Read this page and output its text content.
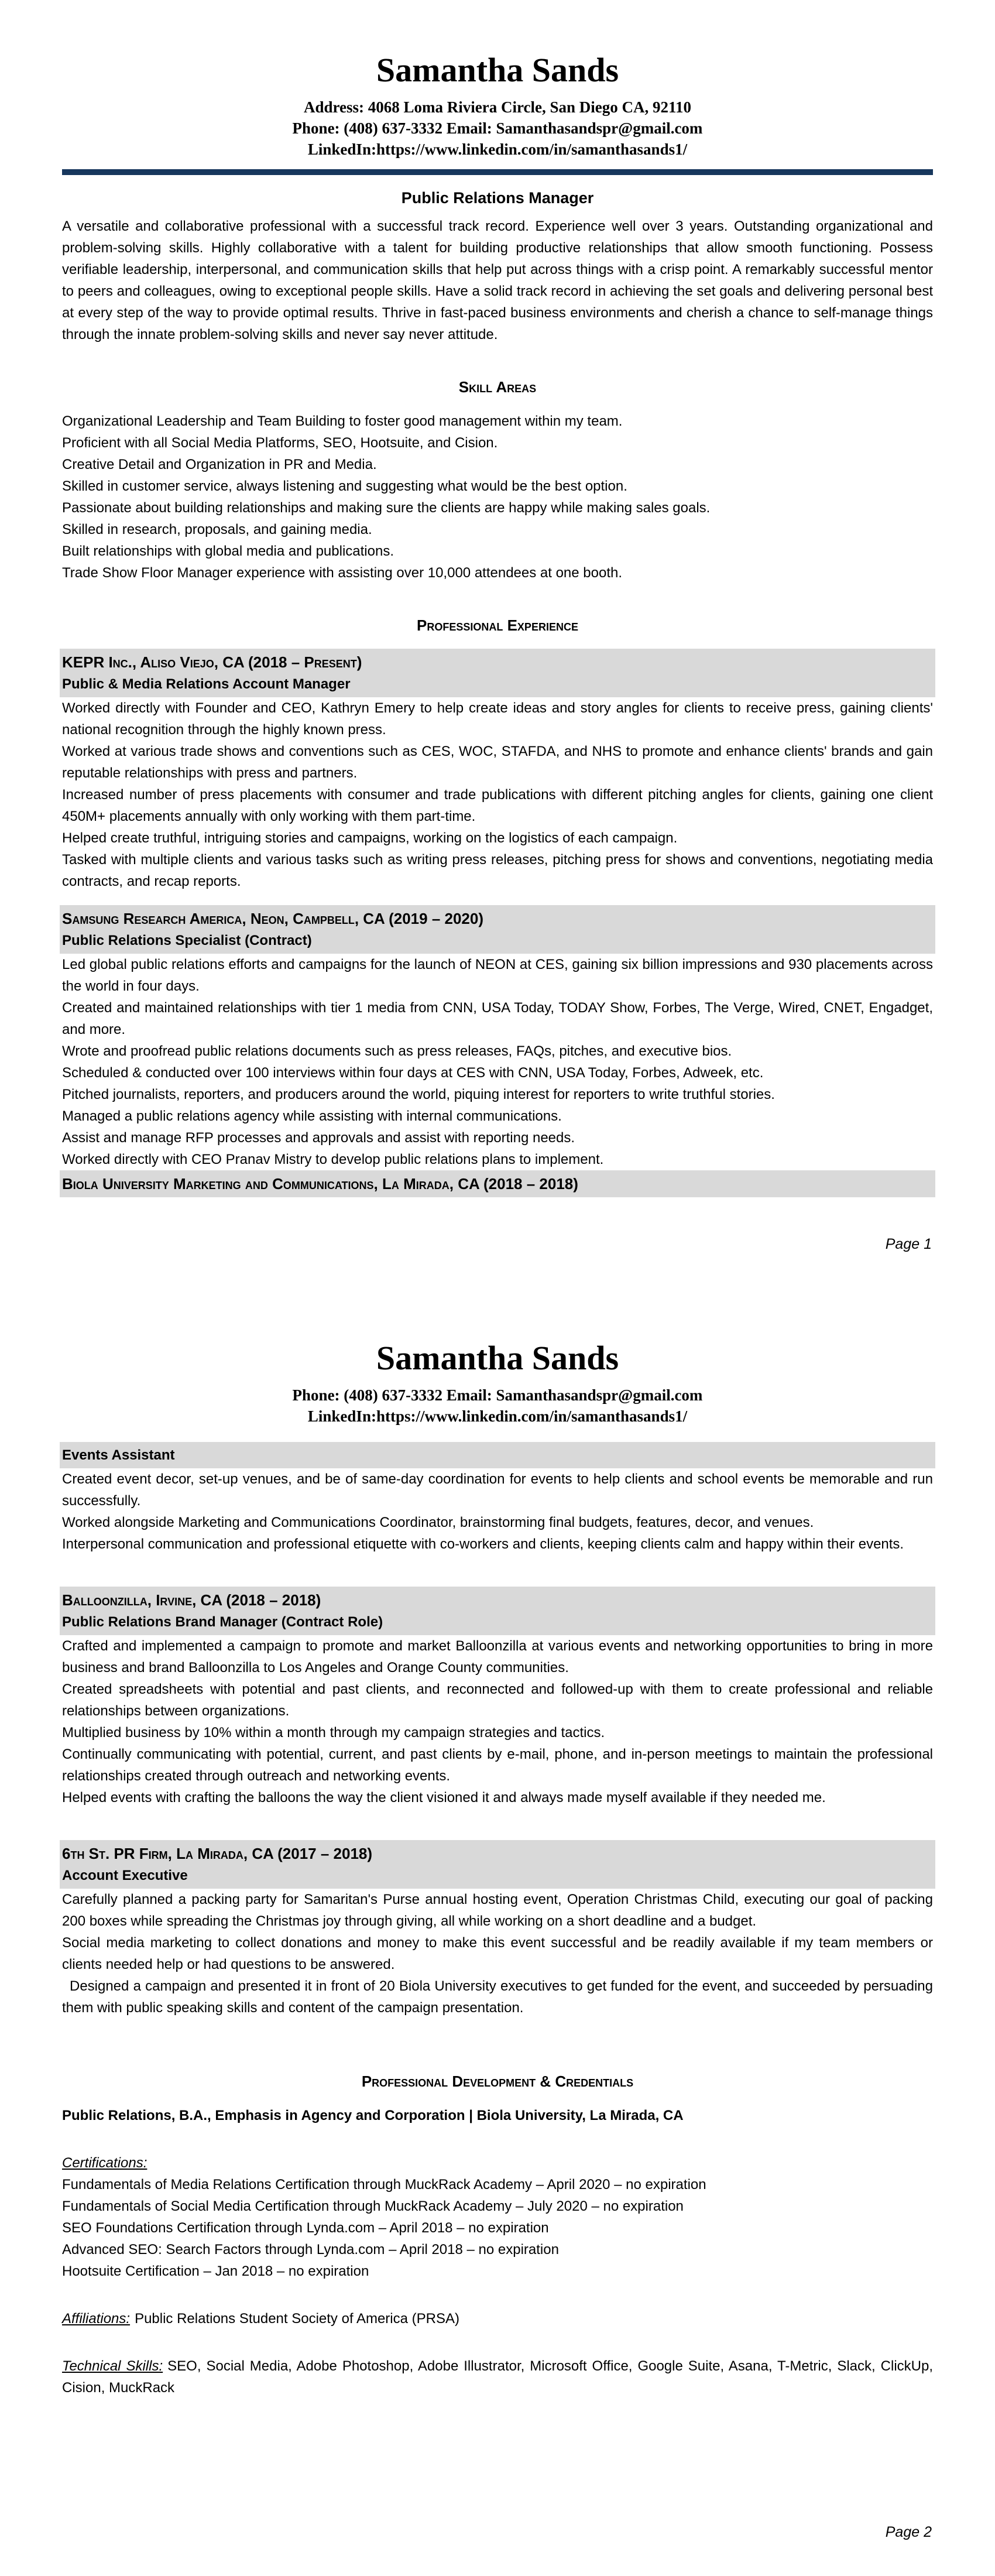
Samantha Sands

Address: 4068 Loma Riviera Circle, San Diego CA, 92110

Phone: (408) 637-3332 Email: Samanthasandspr@gmail.com

LinkedIn:https://www.linkedin.com/in/samanthasands1/

Public Relations Manager

A versatile and collaborative professional with a successful track record. Experience well over 3 years. Outstanding organizational and problem-solving skills. Highly collaborative with a talent for building productive relationships that allow smooth functioning. Possess verifiable leadership, interpersonal, and communication skills that help put across things with a crisp point. A remarkably successful mentor to peers and colleagues, owing to exceptional people skills. Have a solid track record in achieving the set goals and delivering personal best at every step of the way to provide optimal results. Thrive in fast-paced business environments and cherish a chance to self-manage things through the innate problem-solving skills and never say never attitude.

Skill Areas

Organizational Leadership and Team Building to foster good management within my team.

Proficient with all Social Media Platforms, SEO, Hootsuite, and Cision.

Creative Detail and Organization in PR and Media.

Skilled in customer service, always listening and suggesting what would be the best option.

Passionate about building relationships and making sure the clients are happy while making sales goals.

Skilled in research, proposals, and gaining media.

Built relationships with global media and publications.

Trade Show Floor Manager experience with assisting over 10,000 attendees at one booth.

Professional Experience

KEPR Inc., Aliso Viejo, CA (2018 – Present)

Public & Media Relations Account Manager

Worked directly with Founder and CEO, Kathryn Emery to help create ideas and story angles for clients to receive press, gaining clients' national recognition through the highly known press.

Worked at various trade shows and conventions such as CES, WOC, STAFDA, and NHS to promote and enhance clients' brands and gain reputable relationships with press and partners.

Increased number of press placements with consumer and trade publications with different pitching angles for clients, gaining one client 450M+ placements annually with only working with them part-time.

Helped create truthful, intriguing stories and campaigns, working on the logistics of each campaign.

Tasked with multiple clients and various tasks such as writing press releases, pitching press for shows and conventions, negotiating media contracts, and recap reports.

Samsung Research America, Neon, Campbell, CA (2019 – 2020)

Public Relations Specialist (Contract)

Led global public relations efforts and campaigns for the launch of NEON at CES, gaining six billion impressions and 930 placements across the world in four days.

Created and maintained relationships with tier 1 media from CNN, USA Today, TODAY Show, Forbes, The Verge, Wired, CNET, Engadget, and more.

Wrote and proofread public relations documents such as press releases, FAQs, pitches, and executive bios.

Scheduled & conducted over 100 interviews within four days at CES with CNN, USA Today, Forbes, Adweek, etc.

Pitched journalists, reporters, and producers around the world, piquing interest for reporters to write truthful stories.

Managed a public relations agency while assisting with internal communications.

Assist and manage RFP processes and approvals and assist with reporting needs.

Worked directly with CEO Pranav Mistry to develop public relations plans to implement.

Biola University Marketing and Communications, La Mirada, CA (2018 – 2018)

Page 1

Samantha Sands

Phone: (408) 637-3332 Email: Samanthasandspr@gmail.com

LinkedIn:https://www.linkedin.com/in/samanthasands1/

Events Assistant

Created event decor, set-up venues, and be of same-day coordination for events to help clients and school events be memorable and run successfully.

Worked alongside Marketing and Communications Coordinator, brainstorming final budgets, features, decor, and venues.

Interpersonal communication and professional etiquette with co-workers and clients, keeping clients calm and happy within their events.

Balloonzilla, Irvine, CA (2018 – 2018)

Public Relations Brand Manager (Contract Role)

Crafted and implemented a campaign to promote and market Balloonzilla at various events and networking opportunities to bring in more business and brand Balloonzilla to Los Angeles and Orange County communities.

Created spreadsheets with potential and past clients, and reconnected and followed-up with them to create professional and reliable relationships between organizations.

Multiplied business by 10% within a month through my campaign strategies and tactics.

Continually communicating with potential, current, and past clients by e-mail, phone, and in-person meetings to maintain the professional relationships created through outreach and networking events.

Helped events with crafting the balloons the way the client visioned it and always made myself available if they needed me.

6th St. PR Firm, La Mirada, CA (2017 – 2018)

Account Executive

Carefully planned a packing party for Samaritan's Purse annual hosting event, Operation Christmas Child, executing our goal of packing 200 boxes while spreading the Christmas joy through giving, all while working on a short deadline and a budget.

Social media marketing to collect donations and money to make this event successful and be readily available if my team members or clients needed help or had questions to be answered.

Designed a campaign and presented it in front of 20 Biola University executives to get funded for the event, and succeeded by persuading them with public speaking skills and content of the campaign presentation.

Professional Development & Credentials

Public Relations, B.A., Emphasis in Agency and Corporation | Biola University, La Mirada, CA

Certifications:

Fundamentals of Media Relations Certification through MuckRack Academy – April 2020 – no expiration

Fundamentals of Social Media Certification through MuckRack Academy – July 2020 – no expiration

SEO Foundations Certification through Lynda.com – April 2018 – no expiration

Advanced SEO: Search Factors through Lynda.com – April 2018 – no expiration

Hootsuite Certification – Jan 2018 – no expiration

Affiliations: Public Relations Student Society of America (PRSA)

Technical Skills: SEO, Social Media, Adobe Photoshop, Adobe Illustrator, Microsoft Office, Google Suite, Asana, T-Metric, Slack, ClickUp, Cision, MuckRack

Page 2
